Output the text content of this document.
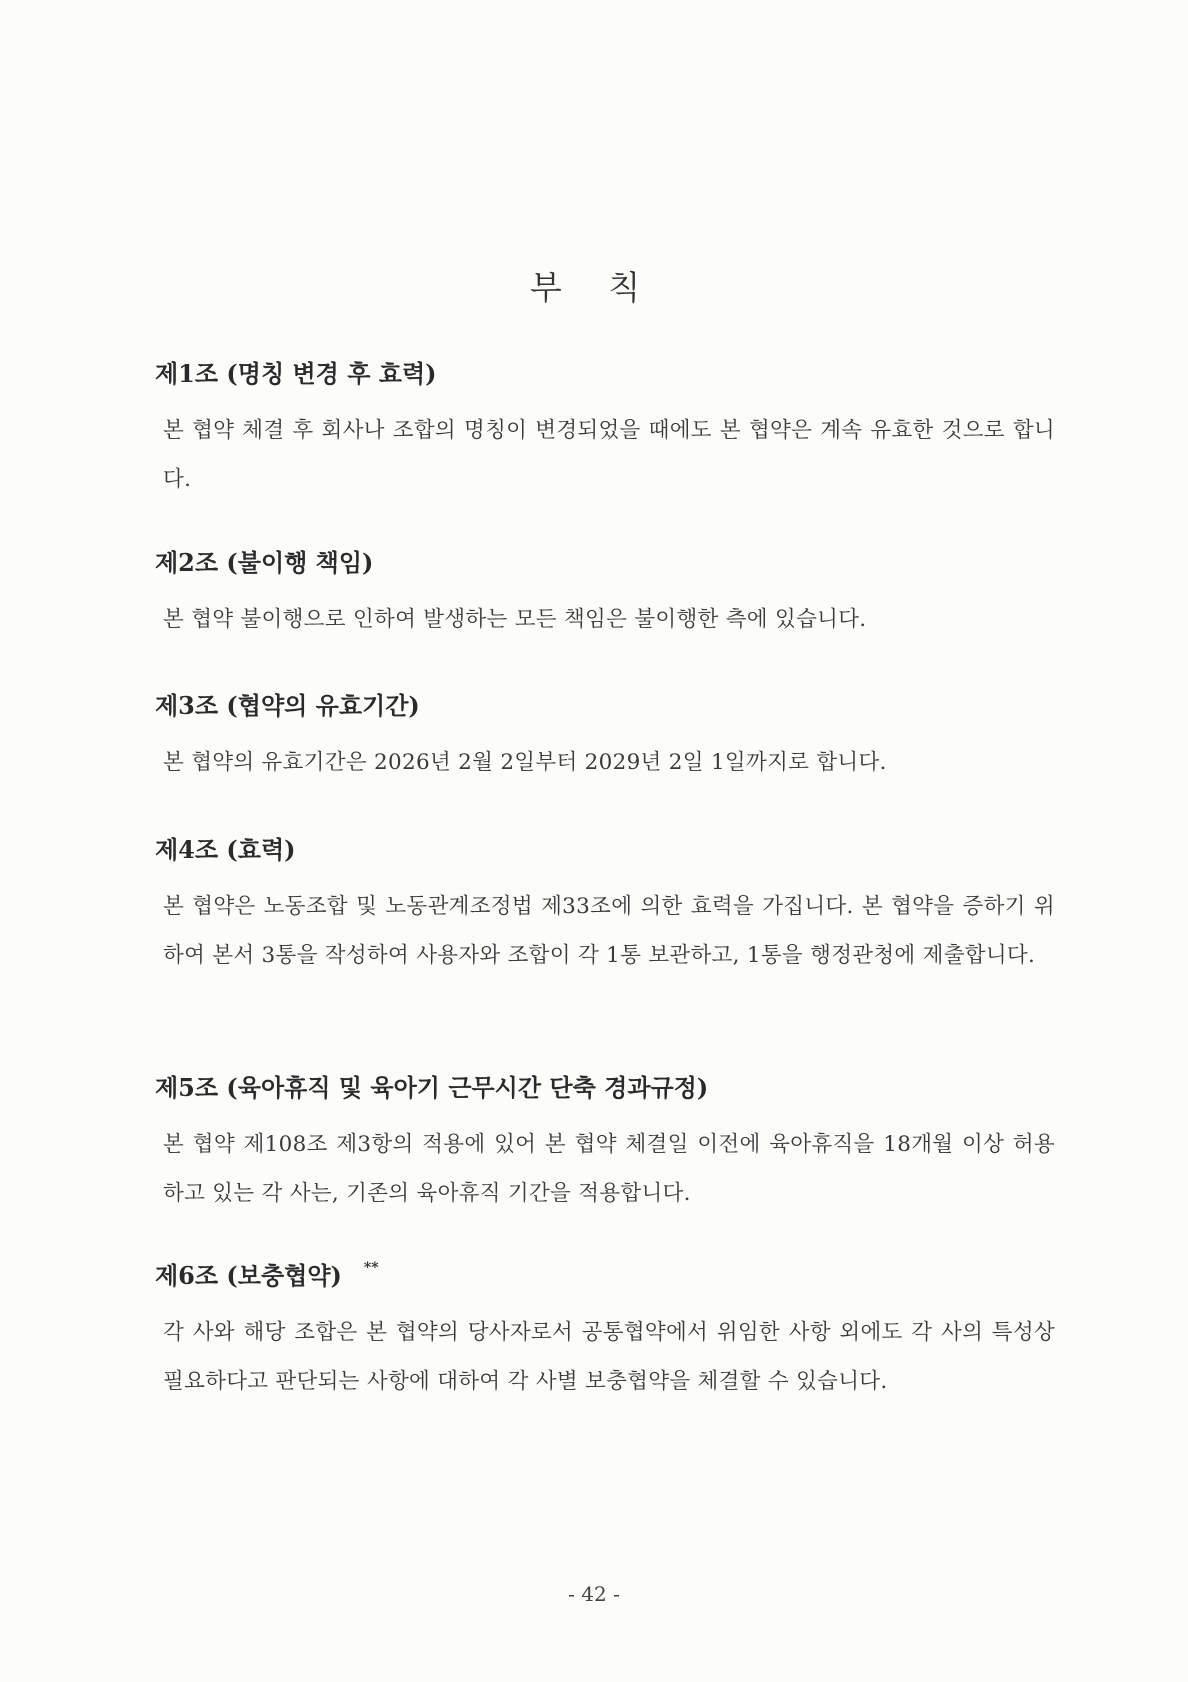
부 칙
제1조 (명칭 변경 후 효력)
본 협약 체결 후 회사나 조합의 명칭이 변경되었을 때에도 본 협약은 계속 유효한 것으로 합니다.
제2조 (불이행 책임)
본 협약 불이행으로 인하여 발생하는 모든 책임은 불이행한 측에 있습니다.
제3조 (협약의 유효기간)
본 협약의 유효기간은 2026년 2월 2일부터 2029년 2일 1일까지로 합니다.
제4조 (효력)
본 협약은 노동조합 및 노동관계조정법 제33조에 의한 효력을 가집니다. 본 협약을 증하기 위하여 본서 3통을 작성하여 사용자와 조합이 각 1통 보관하고, 1통을 행정관청에 제출합니다.
제5조 (육아휴직 및 육아기 근무시간 단축 경과규정)
본 협약 제108조 제3항의 적용에 있어 본 협약 체결일 이전에 육아휴직을 18개월 이상 허용하고 있는 각 사는, 기존의 육아휴직 기간을 적용합니다.
제6조 (보충협약) **
각 사와 해당 조합은 본 협약의 당사자로서 공통협약에서 위임한 사항 외에도 각 사의 특성상 필요하다고 판단되는 사항에 대하여 각 사별 보충협약을 체결할 수 있습니다.
- 42 -
